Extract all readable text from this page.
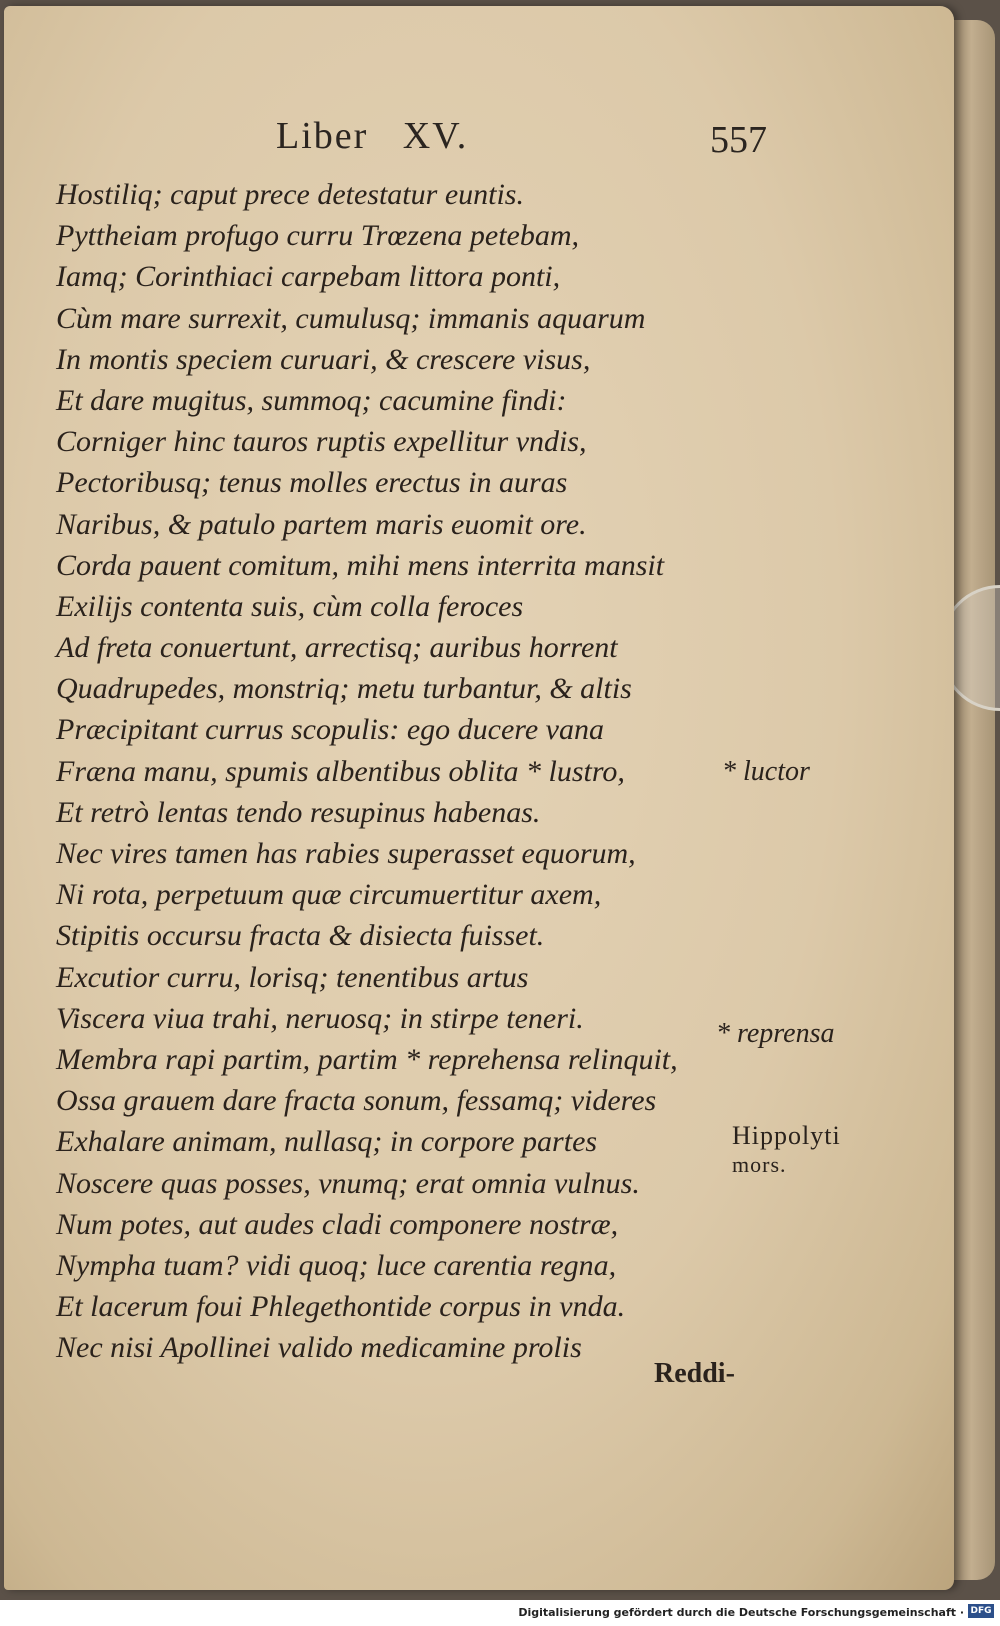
Liber   XV.	557
Hostiliq; caput prece detestatur euntis.
Pyttheiam profugo curru Trœzena petebam,
Iamq; Corinthiaci carpebam littora ponti,
Cùm mare surrexit, cumulusq; immanis aquarum
In montis speciem curuari, & crescere visus,
Et dare mugitus, summoq; cacumine findi:
Corniger hinc tauros ruptis expellitur vndis,
Pectoribusq; tenus molles erectus in auras
Naribus, & patulo partem maris euomit ore.
Corda pauent comitum, mihi mens interrita mansit
Exilijs contenta suis, cùm colla feroces
Ad freta conuertunt, arrectisq; auribus horrent
Quadrupedes, monstriq; metu turbantur, & altis
Præcipitant currus scopulis: ego ducere vana
Fræna manu, spumis albentibus oblita * lustro,
Et retrò lentas tendo resupinus habenas.
Nec vires tamen has rabies superasset equorum,
Ni rota, perpetuum quæ circumuertitur axem,
Stipitis occursu fracta & disiecta fuisset.
Excutior curru, lorisq; tenentibus artus
Viscera viua trahi, neruosq; in stirpe teneri.
Membra rapi partim, partim * reprehensa relinquit,
Ossa grauem dare fracta sonum, fessamq; videres
Exhalare animam, nullasq; in corpore partes
Noscere quas posses, vnumq; erat omnia vulnus.
Num potes, aut audes cladi componere nostræ,
Nympha tuam? vidi quoq; luce carentia regna,
Et lacerum foui Phlegethontide corpus in vnda.
Nec nisi Apollinei valido medicamine prolis
* luctor
* reprensa
Hippolyti
mors.
Reddi-
Digitalisierung gefördert durch die Deutsche Forschungsgemeinschaft · DFG
